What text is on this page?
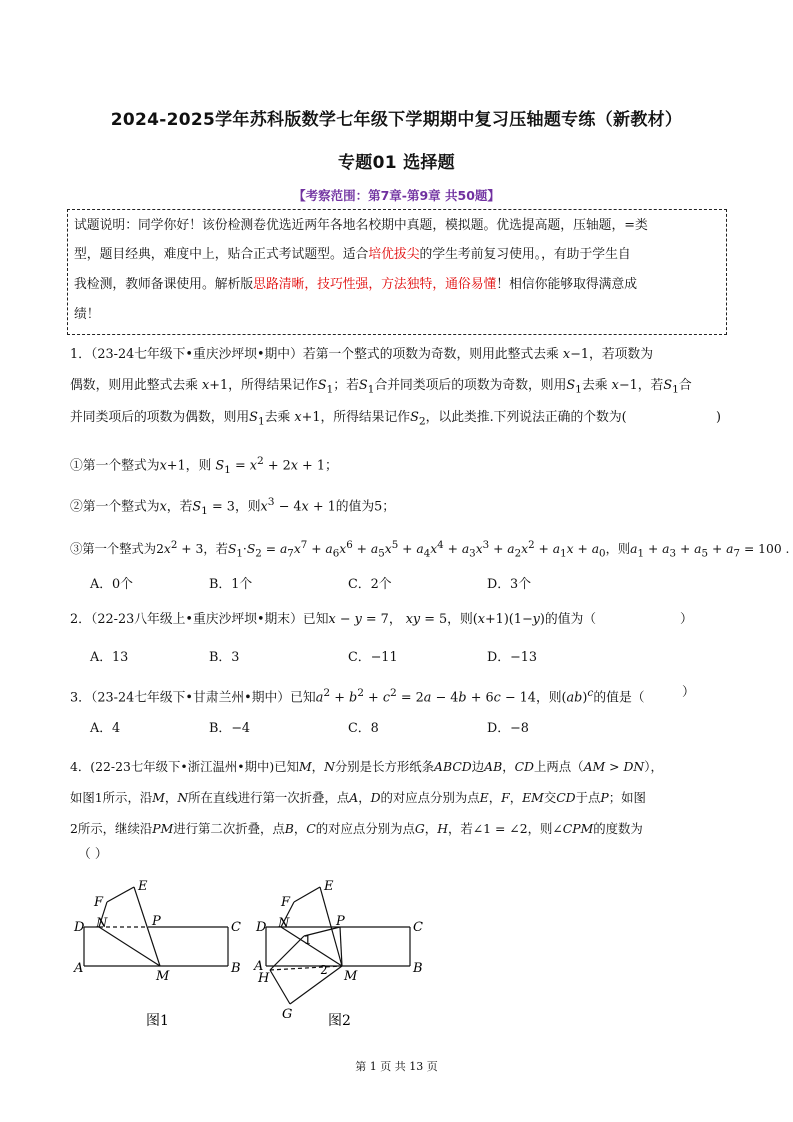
2024-2025学年苏科版数学七年级下学期期中复习压轴题专练（新教材）
专题01 选择题
【考察范围：第7章-第9章 共50题】
试题说明：同学你好！该份检测卷优选近两年各地名校期中真题，模拟题。优选提高题，压轴题，=类
型，题目经典，难度中上，贴合正式考试题型。适合培优拔尖的学生考前复习使用。，有助于学生自
我检测，教师备课使用。解析版思路清晰，技巧性强，方法独特，通俗易懂！相信你能够取得满意成
绩！
1．（23-24七年级下•重庆沙坪坝•期中）若第一个整式的项数为奇数，则用此整式去乘 x−1，若项数为
偶数，则用此整式去乘 x+1，所得结果记作$S_1$；若$S_1$合并同类项后的项数为奇数，则用$S_1$去乘 x−1，若$S_1$合
并同类项后的项数为偶数，则用$S_1$去乘 x+1，所得结果记作$S_2$，以此类推.下列说法正确的个数为(	)
①第一个整式为x+1，则 $S_1 = x^2 + 2x + 1$；
②第一个整式为x，若$S_1 = 3$，则$x^3 - 4x + 1$的值为5；
③第一个整式为$2x^2 + 3$，若$S_1\cdot S_2 = a_7x^7 + a_6x^6 + a_5x^5 + a_4x^4 + a_3x^3 + a_2x^2 + a_1x + a_0$，则$a_1 + a_3 + a_5 + a_7 = 100$ .
A．0个	B．1个	C．2个	D．3个
2．（22-23八年级上•重庆沙坪坝•期末）已知x − y = 7， xy = 5，则(x+1)(1−y)的值为（	）
A．13	B．3	C．−11	D．−13
3．（23-24七年级下•甘肃兰州•期中）已知$a^2 + b^2 + c^2 = 2a - 4b + 6c - 14$，则(ab)$^c$的值是（	）
A．4	B．−4	C．8	D．−8
4．(22-23七年级下•浙江温州•期中)已知M，N分别是长方形纸条ABCD边AB，CD上两点（AM > DN），
如图1所示，沿M，N所在直线进行第一次折叠，点A，D的对应点分别为点E，F，EM交CD于点P；如图
2所示，继续沿PM进行第二次折叠，点B，C的对应点分别为点G，H，若∠1 = ∠2，则∠CPM的度数为
（ ）
D N	P	C
A
M
B
E
F
图1
D N	P	C
A
H	M
B
E
F
G
1
2
图2
第 1 页 共 13 页
